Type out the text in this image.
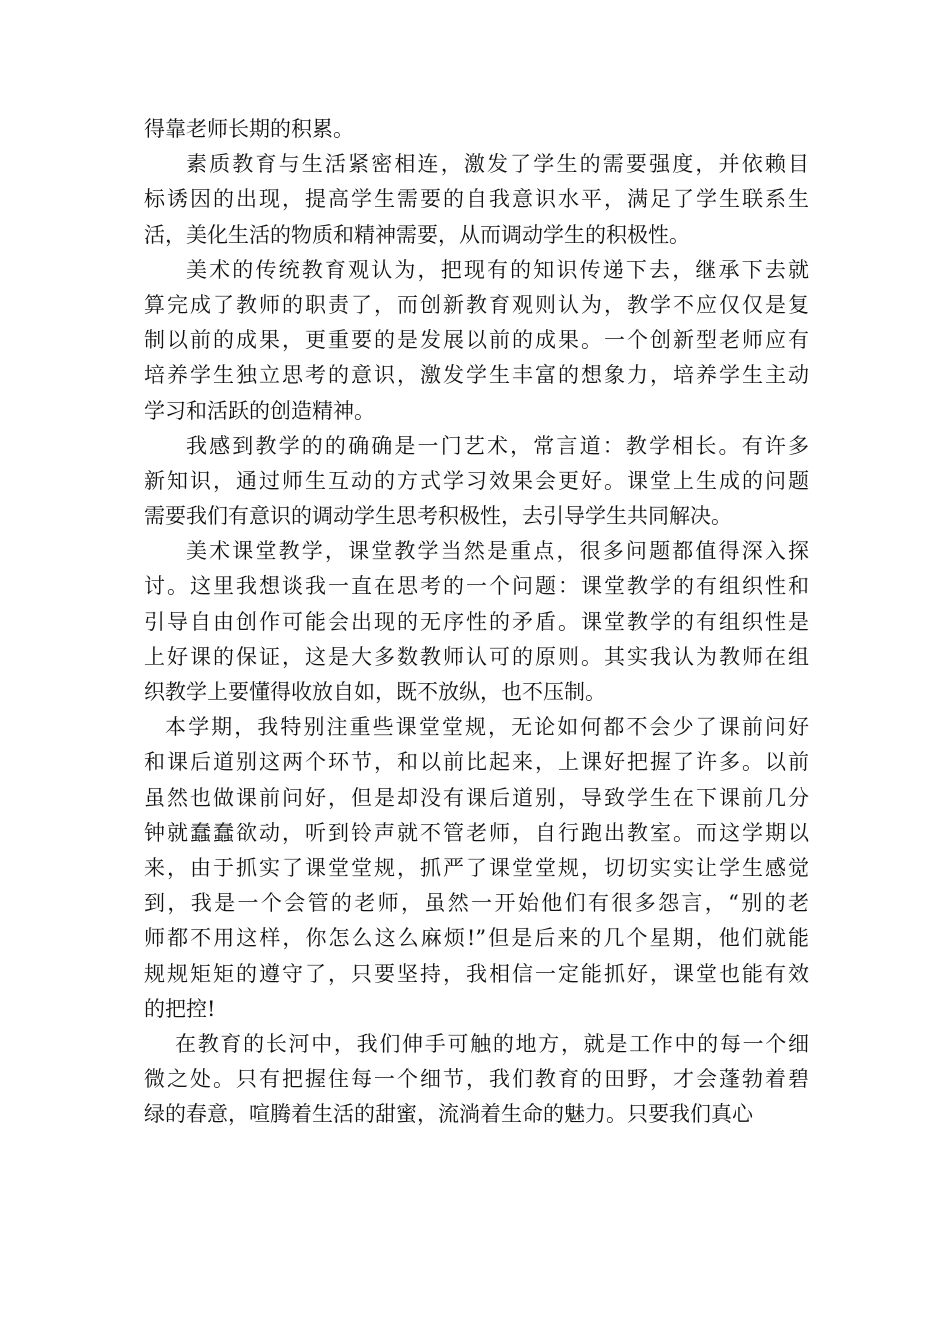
得靠老师长期的积累。
素质教育与生活紧密相连，激发了学生的需要强度，并依赖目
标诱因的出现，提高学生需要的自我意识水平，满足了学生联系生
活，美化生活的物质和精神需要，从而调动学生的积极性。
美术的传统教育观认为，把现有的知识传递下去，继承下去就
算完成了教师的职责了，而创新教育观则认为，教学不应仅仅是复
制以前的成果，更重要的是发展以前的成果。一个创新型老师应有
培养学生独立思考的意识，激发学生丰富的想象力，培养学生主动
学习和活跃的创造精神。
我感到教学的的确确是一门艺术，常言道：教学相长。有许多
新知识，通过师生互动的方式学习效果会更好。课堂上生成的问题
需要我们有意识的调动学生思考积极性，去引导学生共同解决。
美术课堂教学，课堂教学当然是重点，很多问题都值得深入探
讨。这里我想谈我一直在思考的一个问题：课堂教学的有组织性和
引导自由创作可能会出现的无序性的矛盾。课堂教学的有组织性是
上好课的保证，这是大多数教师认可的原则。其实我认为教师在组
织教学上要懂得收放自如，既不放纵，也不压制。
本学期，我特别注重些课堂堂规，无论如何都不会少了课前问好
和课后道别这两个环节，和以前比起来，上课好把握了许多。以前
虽然也做课前问好，但是却没有课后道别，导致学生在下课前几分
钟就蠢蠢欲动，听到铃声就不管老师，自行跑出教室。而这学期以
来，由于抓实了课堂堂规，抓严了课堂堂规，切切实实让学生感觉
到，我是一个会管的老师，虽然一开始他们有很多怨言，“别的老
师都不用这样，你怎么这么麻烦!”但是后来的几个星期，他们就能
规规矩矩的遵守了，只要坚持，我相信一定能抓好，课堂也能有效
的把控!
在教育的长河中，我们伸手可触的地方，就是工作中的每一个细
微之处。只有把握住每一个细节，我们教育的田野，才会蓬勃着碧
绿的春意，喧腾着生活的甜蜜，流淌着生命的魅力。只要我们真心
